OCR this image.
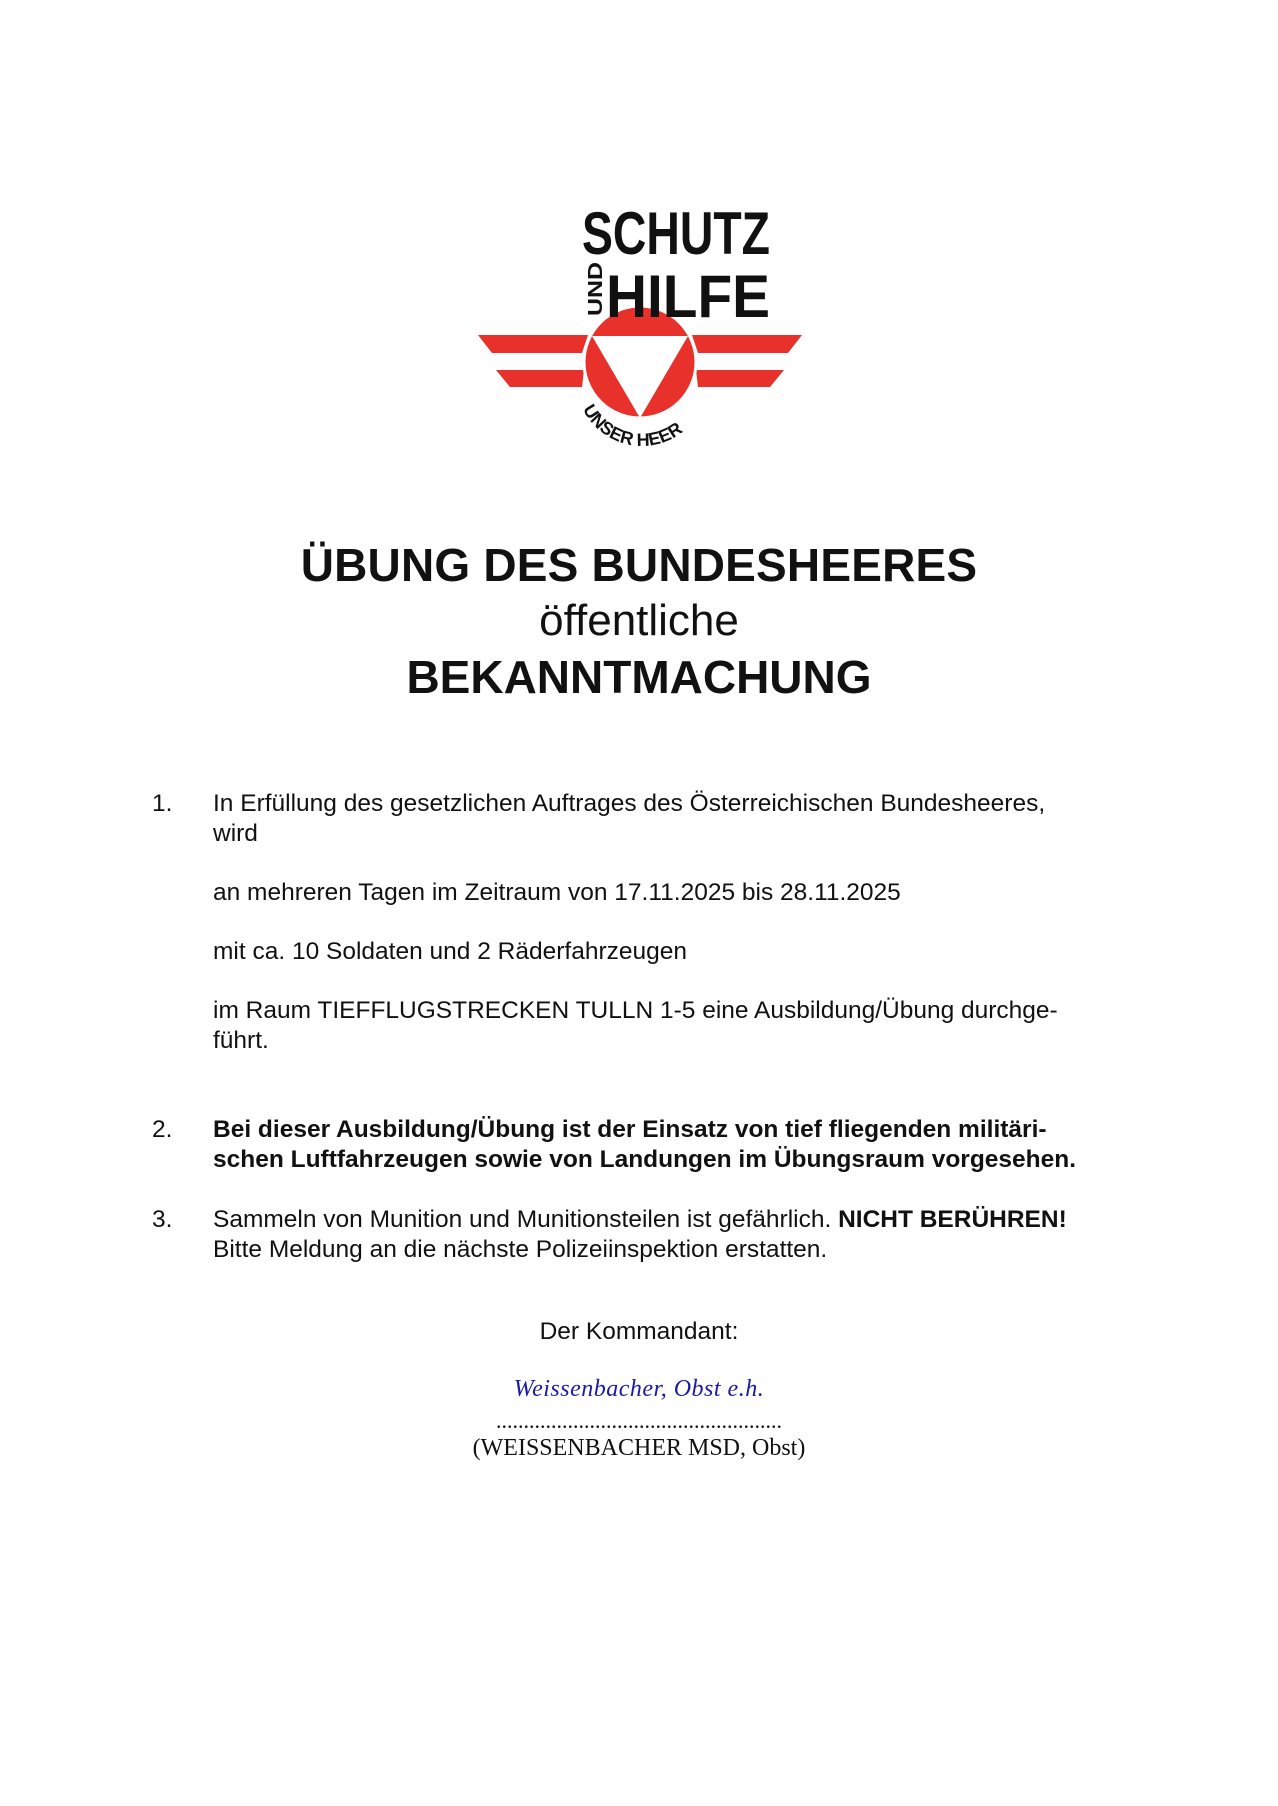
SCHUTZ
HILFE
UND
UNSER HEER
ÜBUNG DES BUNDESHEERES
öffentliche
BEKANNTMACHUNG
1.	In Erfüllung des gesetzlichen Auftrages des Österreichischen Bundesheeres,
wird
an mehreren Tagen im Zeitraum von 17.11.2025 bis 28.11.2025
mit ca. 10 Soldaten und 2 Räderfahrzeugen
im Raum TIEFFLUGSTRECKEN TULLN 1-5 eine Ausbildung/Übung durchge-
führt.
2.	Bei dieser Ausbildung/Übung ist der Einsatz von tief fliegenden militäri-
schen Luftfahrzeugen sowie von Landungen im Übungsraum vorgesehen.
3.	Sammeln von Munition und Munitionsteilen ist gefährlich. NICHT BERÜHREN!
Bitte Meldung an die nächste Polizeiinspektion erstatten.
Der Kommandant:
Weissenbacher, Obst e.h.
....................................................
(WEISSENBACHER MSD, Obst)
